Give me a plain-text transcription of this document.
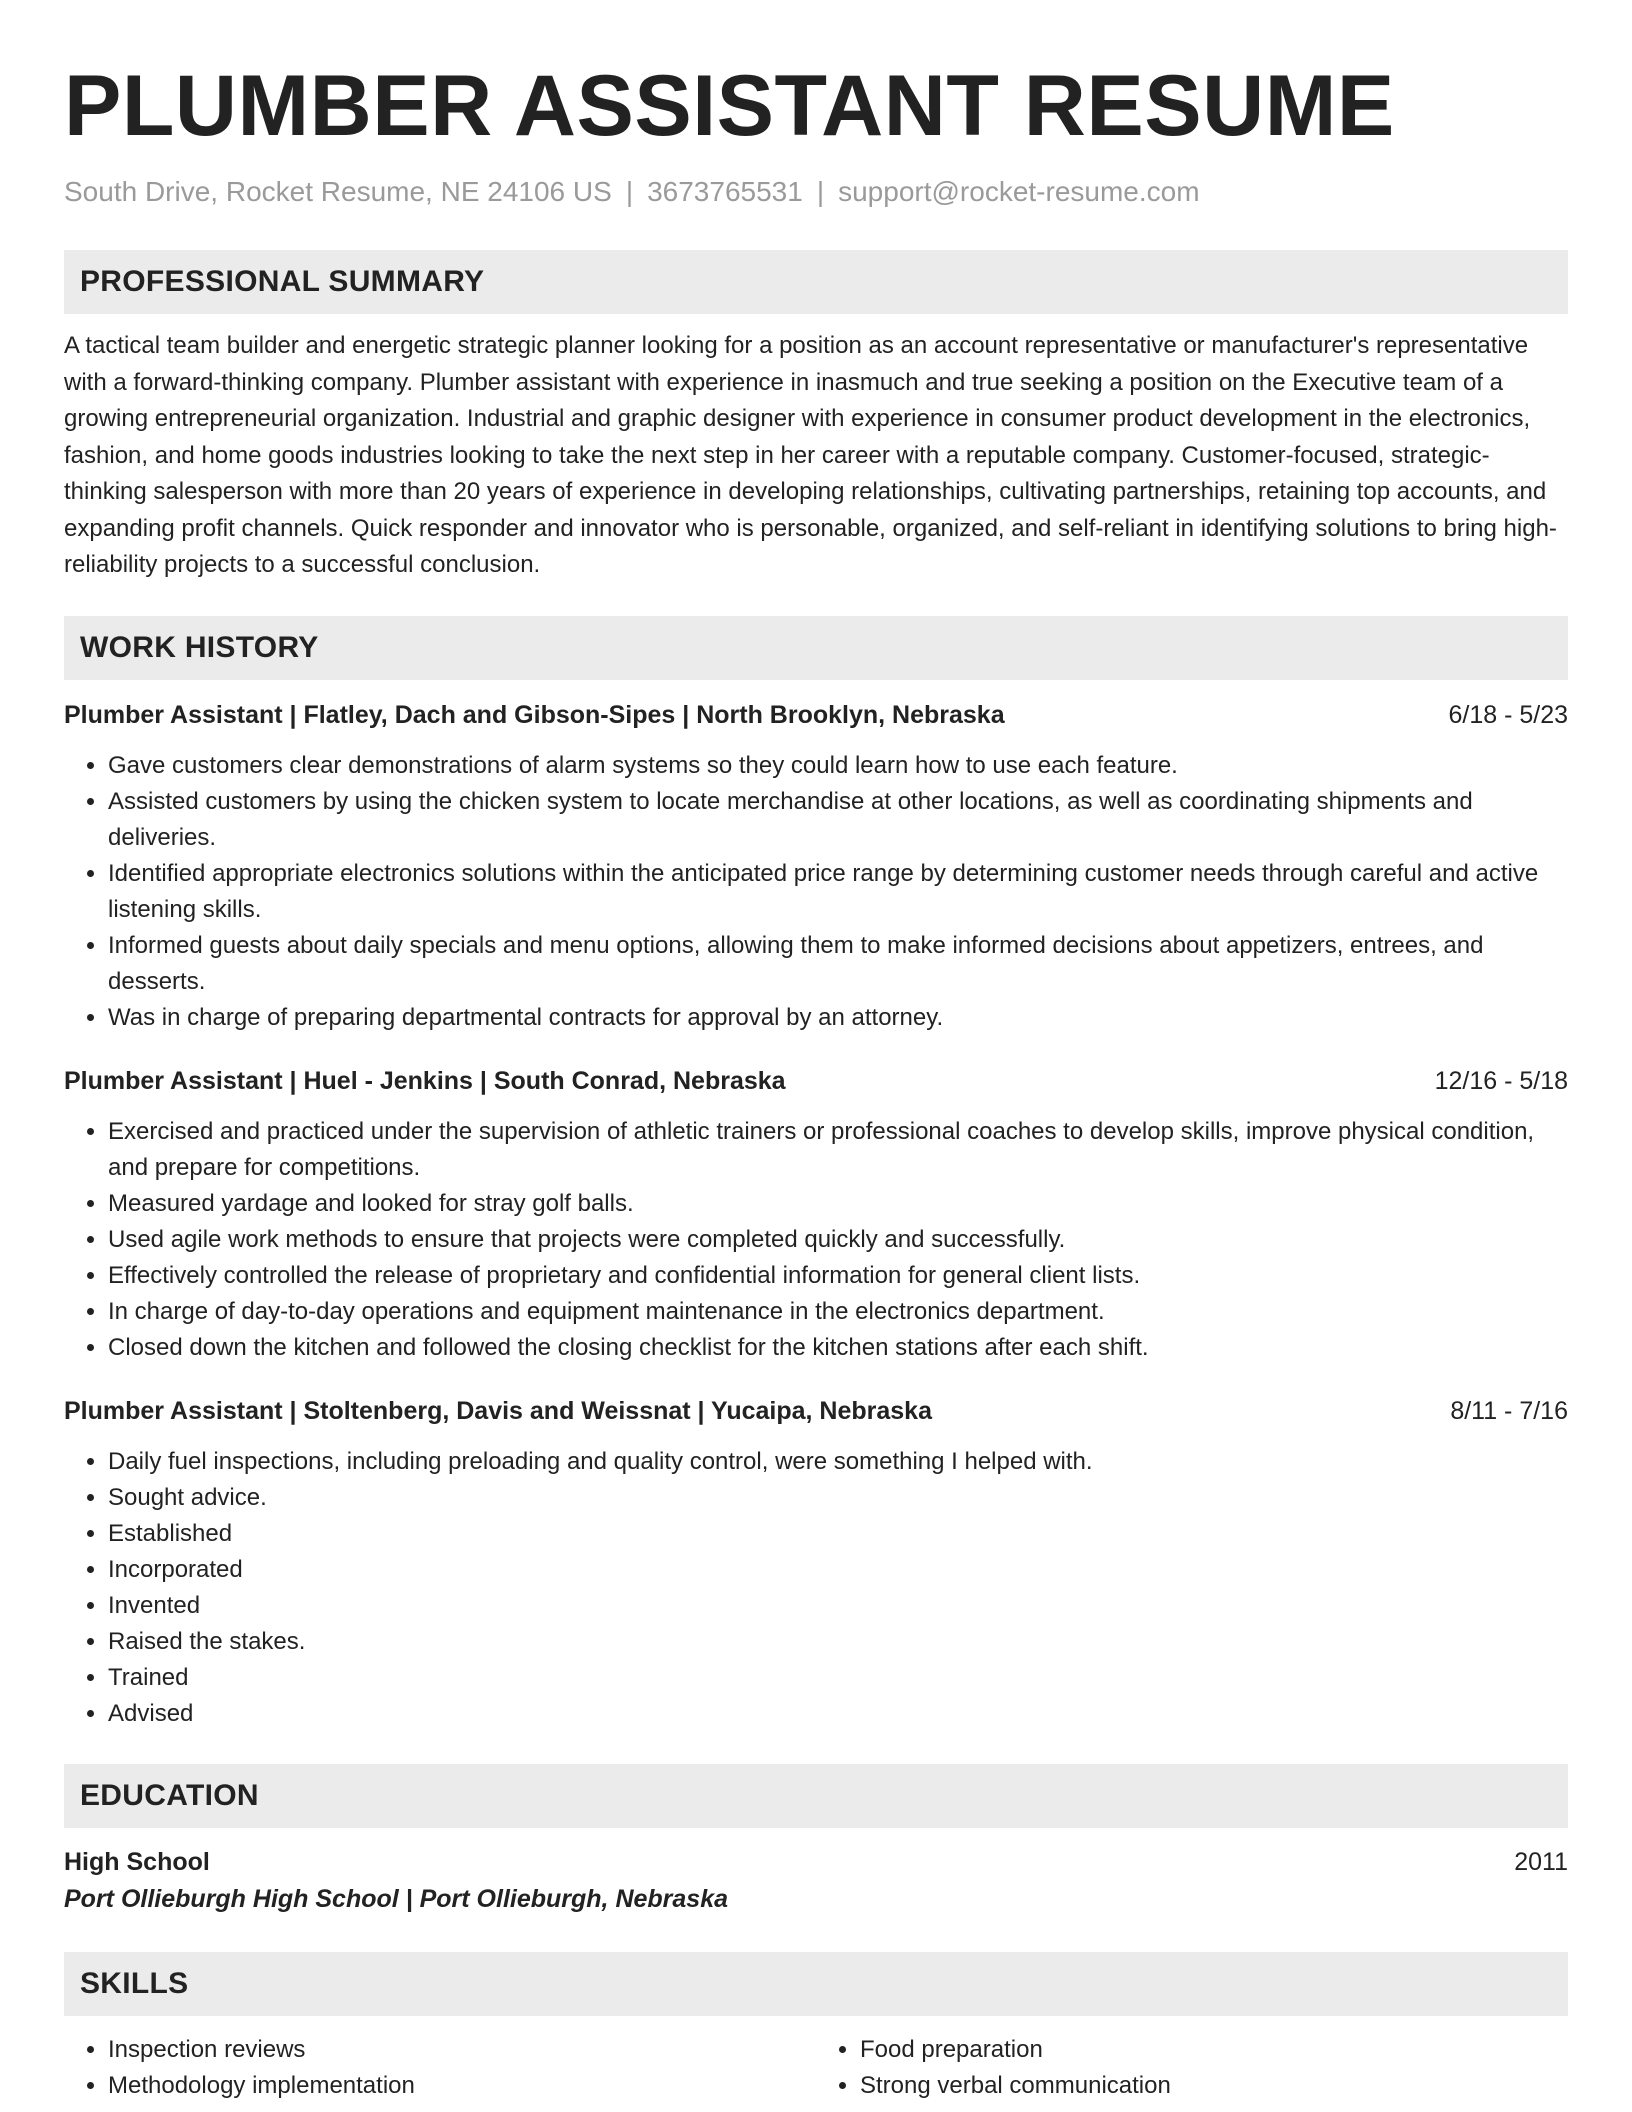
PLUMBER ASSISTANT RESUME
South Drive, Rocket Resume, NE 24106 US | 3673765531 | support@rocket-resume.com
PROFESSIONAL SUMMARY
A tactical team builder and energetic strategic planner looking for a position as an account representative or manufacturer's representative with a forward-thinking company. Plumber assistant with experience in inasmuch and true seeking a position on the Executive team of a growing entrepreneurial organization. Industrial and graphic designer with experience in consumer product development in the electronics, fashion, and home goods industries looking to take the next step in her career with a reputable company. Customer-focused, strategic-thinking salesperson with more than 20 years of experience in developing relationships, cultivating partnerships, retaining top accounts, and expanding profit channels. Quick responder and innovator who is personable, organized, and self-reliant in identifying solutions to bring high-reliability projects to a successful conclusion.
WORK HISTORY
Plumber Assistant | Flatley, Dach and Gibson-Sipes | North Brooklyn, Nebraska	6/18 - 5/23
• Gave customers clear demonstrations of alarm systems so they could learn how to use each feature.
• Assisted customers by using the chicken system to locate merchandise at other locations, as well as coordinating shipments and deliveries.
• Identified appropriate electronics solutions within the anticipated price range by determining customer needs through careful and active listening skills.
• Informed guests about daily specials and menu options, allowing them to make informed decisions about appetizers, entrees, and desserts.
• Was in charge of preparing departmental contracts for approval by an attorney.
Plumber Assistant | Huel - Jenkins | South Conrad, Nebraska	12/16 - 5/18
• Exercised and practiced under the supervision of athletic trainers or professional coaches to develop skills, improve physical condition, and prepare for competitions.
• Measured yardage and looked for stray golf balls.
• Used agile work methods to ensure that projects were completed quickly and successfully.
• Effectively controlled the release of proprietary and confidential information for general client lists.
• In charge of day-to-day operations and equipment maintenance in the electronics department.
• Closed down the kitchen and followed the closing checklist for the kitchen stations after each shift.
Plumber Assistant | Stoltenberg, Davis and Weissnat | Yucaipa, Nebraska	8/11 - 7/16
• Daily fuel inspections, including preloading and quality control, were something I helped with.
• Sought advice.
• Established
• Incorporated
• Invented
• Raised the stakes.
• Trained
• Advised
EDUCATION
High School	2011
Port Ollieburgh High School | Port Ollieburgh, Nebraska
SKILLS
• Inspection reviews
• Methodology implementation
• Food preparation
• Strong verbal communication
